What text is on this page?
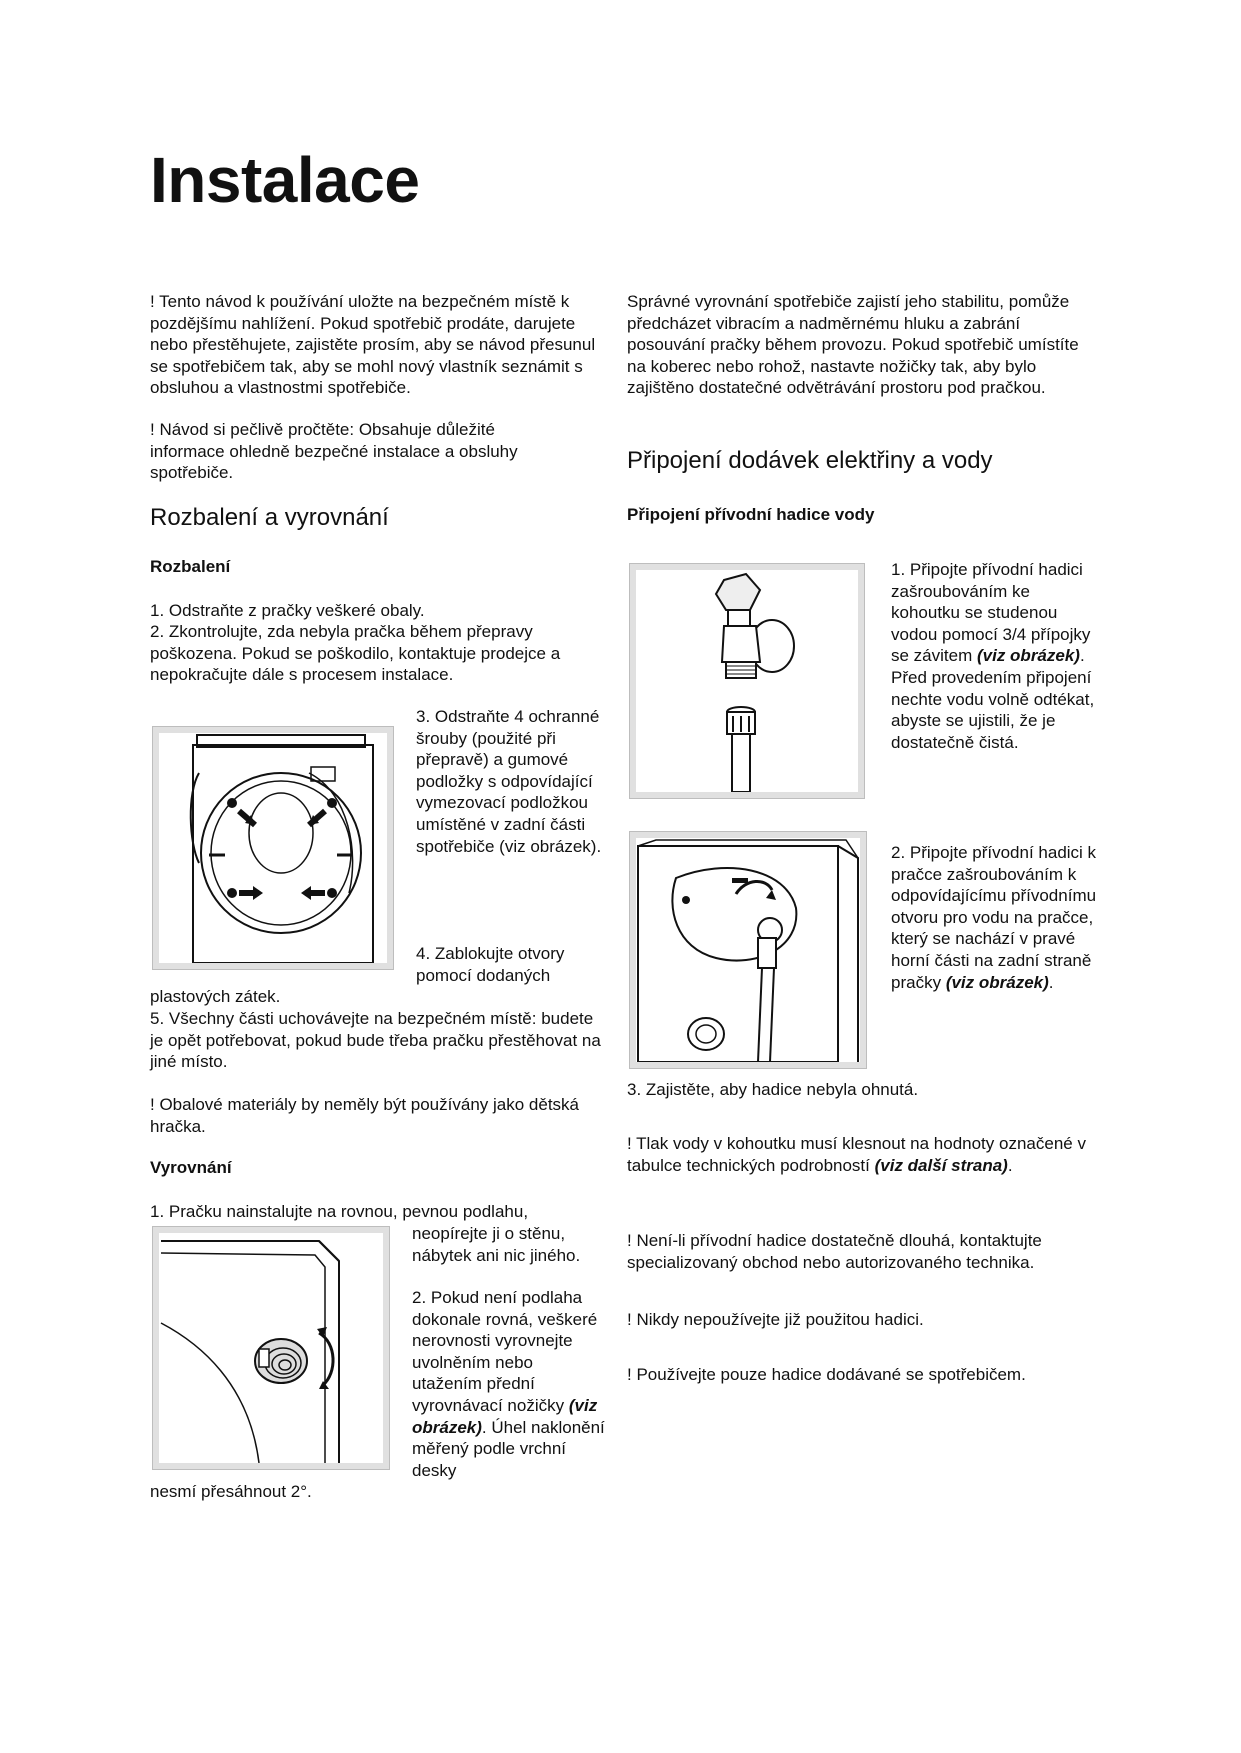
Instalace

! Tento návod k používání uložte na bezpečném místě k pozdějšímu nahlížení. Pokud spotřebič prodáte, darujete nebo přestěhujete, zajistěte prosím, aby se návod přesunul se spotřebičem tak, aby se mohl nový vlastník seznámit s obsluhou a vlastnostmi spotřebiče.

! Návod si pečlivě pročtěte: Obsahuje důležité informace ohledně bezpečné instalace a obsluhy spotřebiče.

Rozbalení a vyrovnání
Rozbalení

1. Odstraňte z pračky veškeré obaly.

2. Zkontrolujte, zda nebyla pračka během přepravy poškozena. Pokud se poškodilo, kontaktuje prodejce a nepokračujte dále s procesem instalace.

3. Odstraňte 4 ochranné šrouby (použité při přepravě) a gumové podložky s odpovídající vymezovací podložkou umístěné v zadní části spotřebiče (viz obrázek).

4. Zablokujte otvory pomocí dodaných

plastových zátek.

5. Všechny části uchovávejte na bezpečném místě: budete je opět potřebovat, pokud bude třeba pračku přestěhovat na jiné místo.

! Obalové materiály by neměly být používány jako dětská hračka.

Vyrovnání

1. Pračku nainstalujte na rovnou, pevnou podlahu,

neopírejte ji o stěnu, nábytek ani nic jiného.

2. Pokud není podlaha dokonale rovná, veškeré nerovnosti vyrovnejte uvolněním nebo utažením přední vyrovnávací nožičky (viz obrázek). Úhel naklonění měřený podle vrchní desky

nesmí přesáhnout 2°.

Správné vyrovnání spotřebiče zajistí jeho stabilitu, pomůže předcházet vibracím a nadměrnému hluku a zabrání posouvání pračky během provozu. Pokud spotřebič umístíte na koberec nebo rohož, nastavte nožičky tak, aby bylo zajištěno dostatečné odvětrávání prostoru pod pračkou.

Připojení dodávek elektřiny a vody
Připojení přívodní hadice vody

1. Připojte přívodní hadici zašroubováním ke kohoutku se studenou vodou pomocí 3/4 přípojky se závitem (viz obrázek).

Před provedením připojení nechte vodu volně odtékat, abyste se ujistili, že je dostatečně čistá.

2. Připojte přívodní hadici k pračce zašroubováním k odpovídajícímu přívodnímu otvoru pro vodu na pračce, který se nachází v pravé horní části na zadní straně pračky (viz obrázek).

3. Zajistěte, aby hadice nebyla ohnutá.

! Tlak vody v kohoutku musí klesnout na hodnoty označené v tabulce technických podrobností (viz další strana).

! Není-li přívodní hadice dostatečně dlouhá, kontaktujte specializovaný obchod nebo autorizovaného technika.

! Nikdy nepoužívejte již použitou hadici.

! Používejte pouze hadice dodávané se spotřebičem.
